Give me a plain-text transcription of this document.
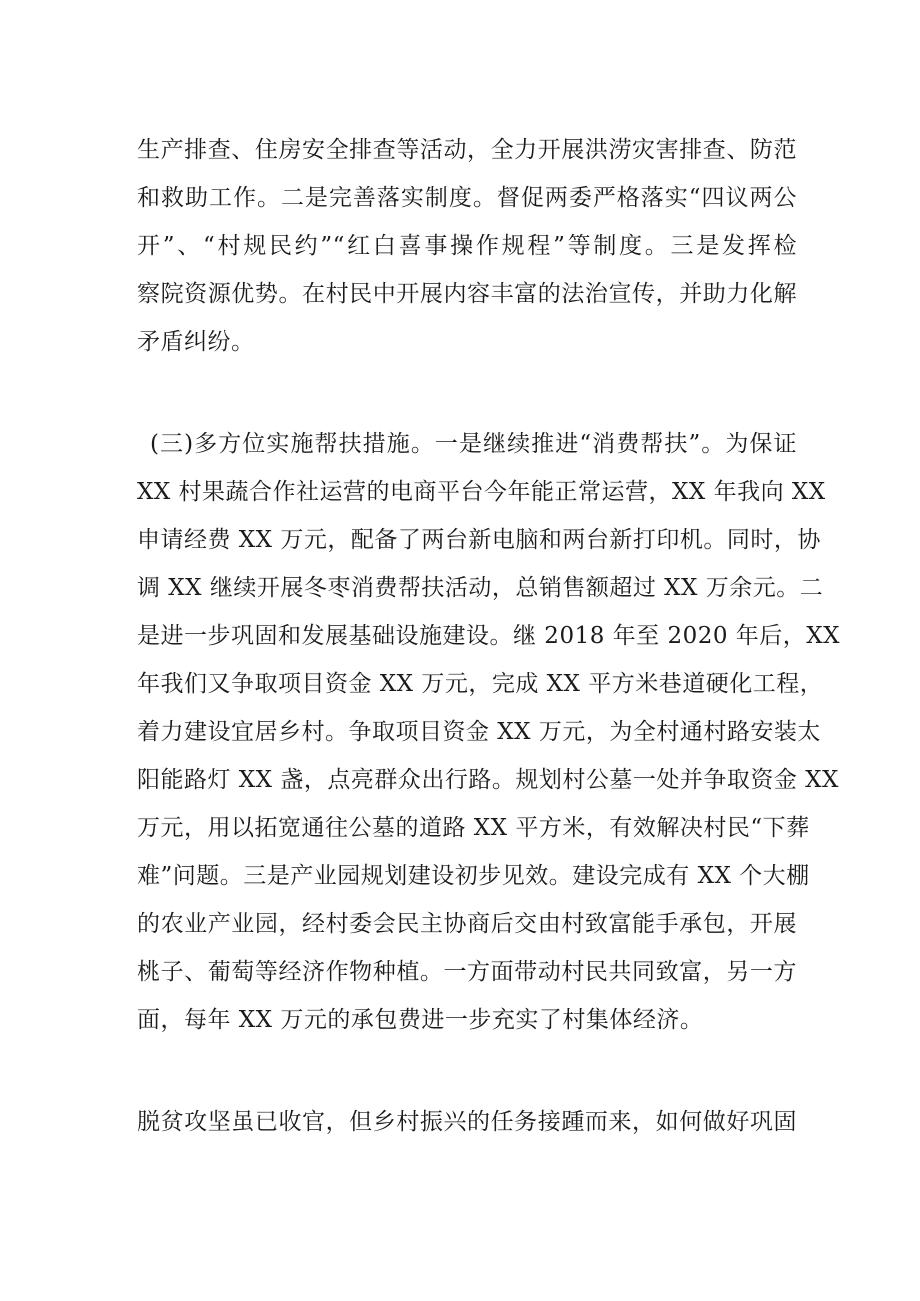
生产排查、住房安全排查等活动，全力开展洪涝灾害排查、防范
和救助工作。二是完善落实制度。督促两委严格落实“四议两公
开”、“村规民约”“红白喜事操作规程”等制度。三是发挥检
察院资源优势。在村民中开展内容丰富的法治宣传，并助力化解
矛盾纠纷。
(三)多方位实施帮扶措施。一是继续推进“消费帮扶”。为保证
XX 村果蔬合作社运营的电商平台今年能正常运营，XX 年我向 XX
申请经费 XX 万元，配备了两台新电脑和两台新打印机。同时，协
调 XX 继续开展冬枣消费帮扶活动，总销售额超过 XX 万余元。二
是进一步巩固和发展基础设施建设。继 2018 年至 2020 年后，XX
年我们又争取项目资金 XX 万元，完成 XX 平方米巷道硬化工程，
着力建设宜居乡村。争取项目资金 XX 万元，为全村通村路安装太
阳能路灯 XX 盏，点亮群众出行路。规划村公墓一处并争取资金 XX
万元，用以拓宽通往公墓的道路 XX 平方米，有效解决村民“下葬
难”问题。三是产业园规划建设初步见效。建设完成有 XX 个大棚
的农业产业园，经村委会民主协商后交由村致富能手承包，开展
桃子、葡萄等经济作物种植。一方面带动村民共同致富，另一方
面，每年 XX 万元的承包费进一步充实了村集体经济。
脱贫攻坚虽已收官，但乡村振兴的任务接踵而来，如何做好巩固
